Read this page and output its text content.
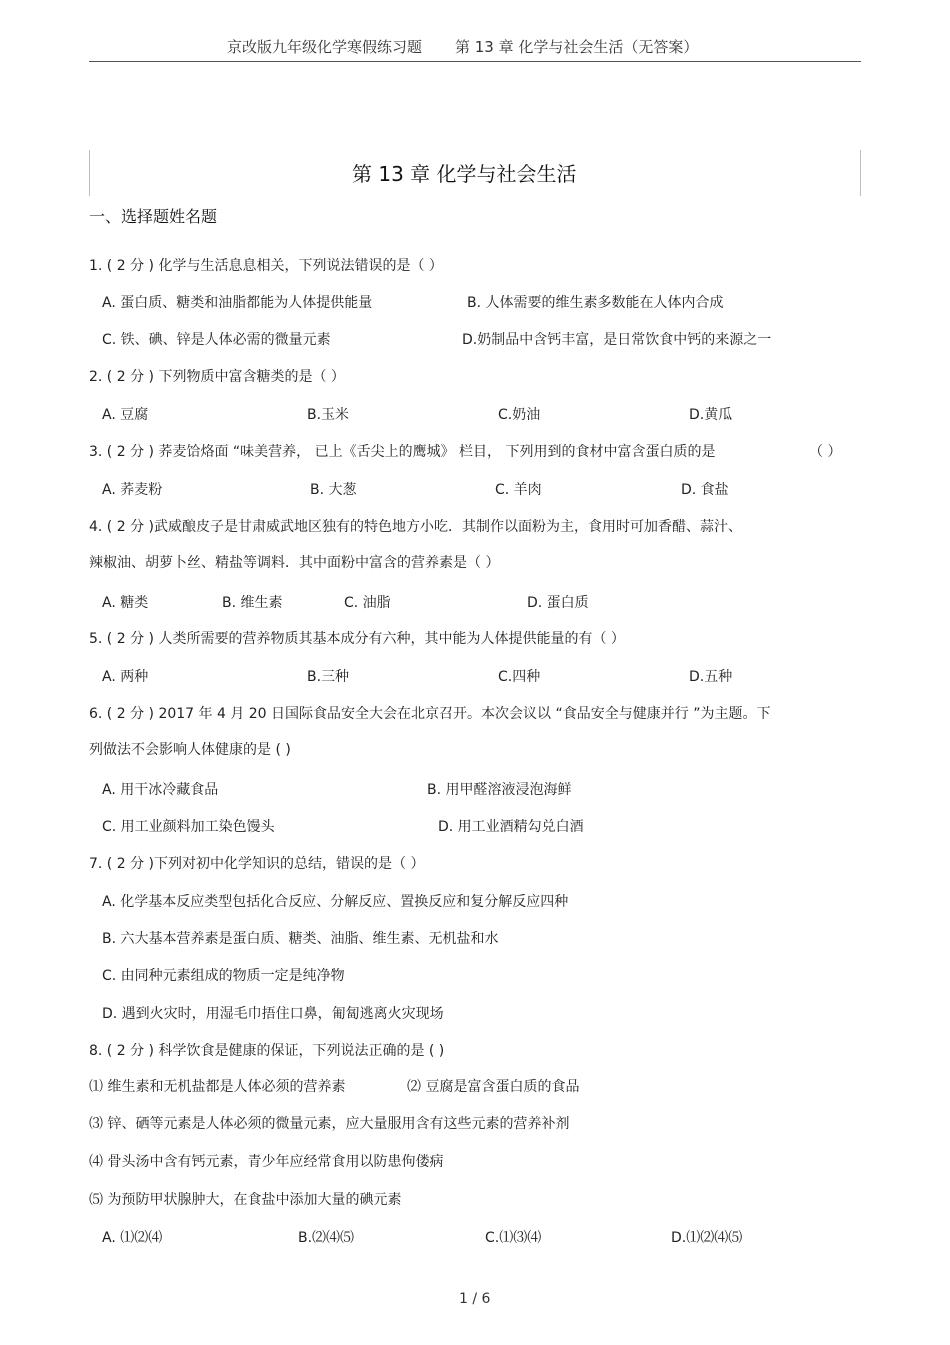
京改版九年级化学寒假练习题 第 13 章 化学与社会生活（无答案）
第 13 章 化学与社会生活
一、选择题姓名题
1. ( 2 分 ) 化学与生活息息相关，下列说法错误的是（ ）
A. 蛋白质、糖类和油脂都能为人体提供能量	B. 人体需要的维生素多数能在人体内合成
C. 铁、碘、锌是人体必需的微量元素	D.奶制品中含钙丰富，是日常饮食中钙的来源之一
2. ( 2 分 ) 下列物质中富含糖类的是（ ）
A. 豆腐	B.玉米	C.奶油	D.黄瓜
3. ( 2 分 ) 荞麦饸烙面 “味美营养， 已上《舌尖上的鹰城》 栏目， 下列用到的食材中富含蛋白质的是	（ ）
A. 荞麦粉	B. 大葱	C. 羊肉	D. 食盐
4. ( 2 分 )武威酿皮子是甘肃威武地区独有的特色地方小吃．其制作以面粉为主，食用时可加香醋、蒜汁、
辣椒油、胡萝卜丝、精盐等调料．其中面粉中富含的营养素是（ ）
A. 糖类	B. 维生素	C. 油脂	D. 蛋白质
5. ( 2 分 ) 人类所需要的营养物质其基本成分有六种，其中能为人体提供能量的有（ ）
A. 两种	B.三种	C.四种	D.五种
6. ( 2 分 ) 2017 年 4 月 20 日国际食品安全大会在北京召开。本次会议以 “食品安全与健康并行 ”为主题。下
列做法不会影响人体健康的是 ( )
A. 用干冰冷藏食品	B. 用甲醛溶液浸泡海鲜
C. 用工业颜料加工染色馒头	D. 用工业酒精勾兑白酒
7. ( 2 分 )下列对初中化学知识的总结，错误的是（ ）
A. 化学基本反应类型包括化合反应、分解反应、置换反应和复分解反应四种
B. 六大基本营养素是蛋白质、糖类、油脂、维生素、无机盐和水
C. 由同种元素组成的物质一定是纯净物
D. 遇到火灾时，用湿毛巾捂住口鼻，匍匐逃离火灾现场
8. ( 2 分 ) 科学饮食是健康的保证，下列说法正确的是 ( )
⑴ 维生素和无机盐都是人体必须的营养素	⑵ 豆腐是富含蛋白质的食品
⑶ 锌、硒等元素是人体必须的微量元素，应大量服用含有这些元素的营养补剂
⑷ 骨头汤中含有钙元素，青少年应经常食用以防患佝偻病
⑸ 为预防甲状腺肿大，在食盐中添加大量的碘元素
A. ⑴⑵⑷	B.⑵⑷⑸	C.⑴⑶⑷	D.⑴⑵⑷⑸
1 / 6
